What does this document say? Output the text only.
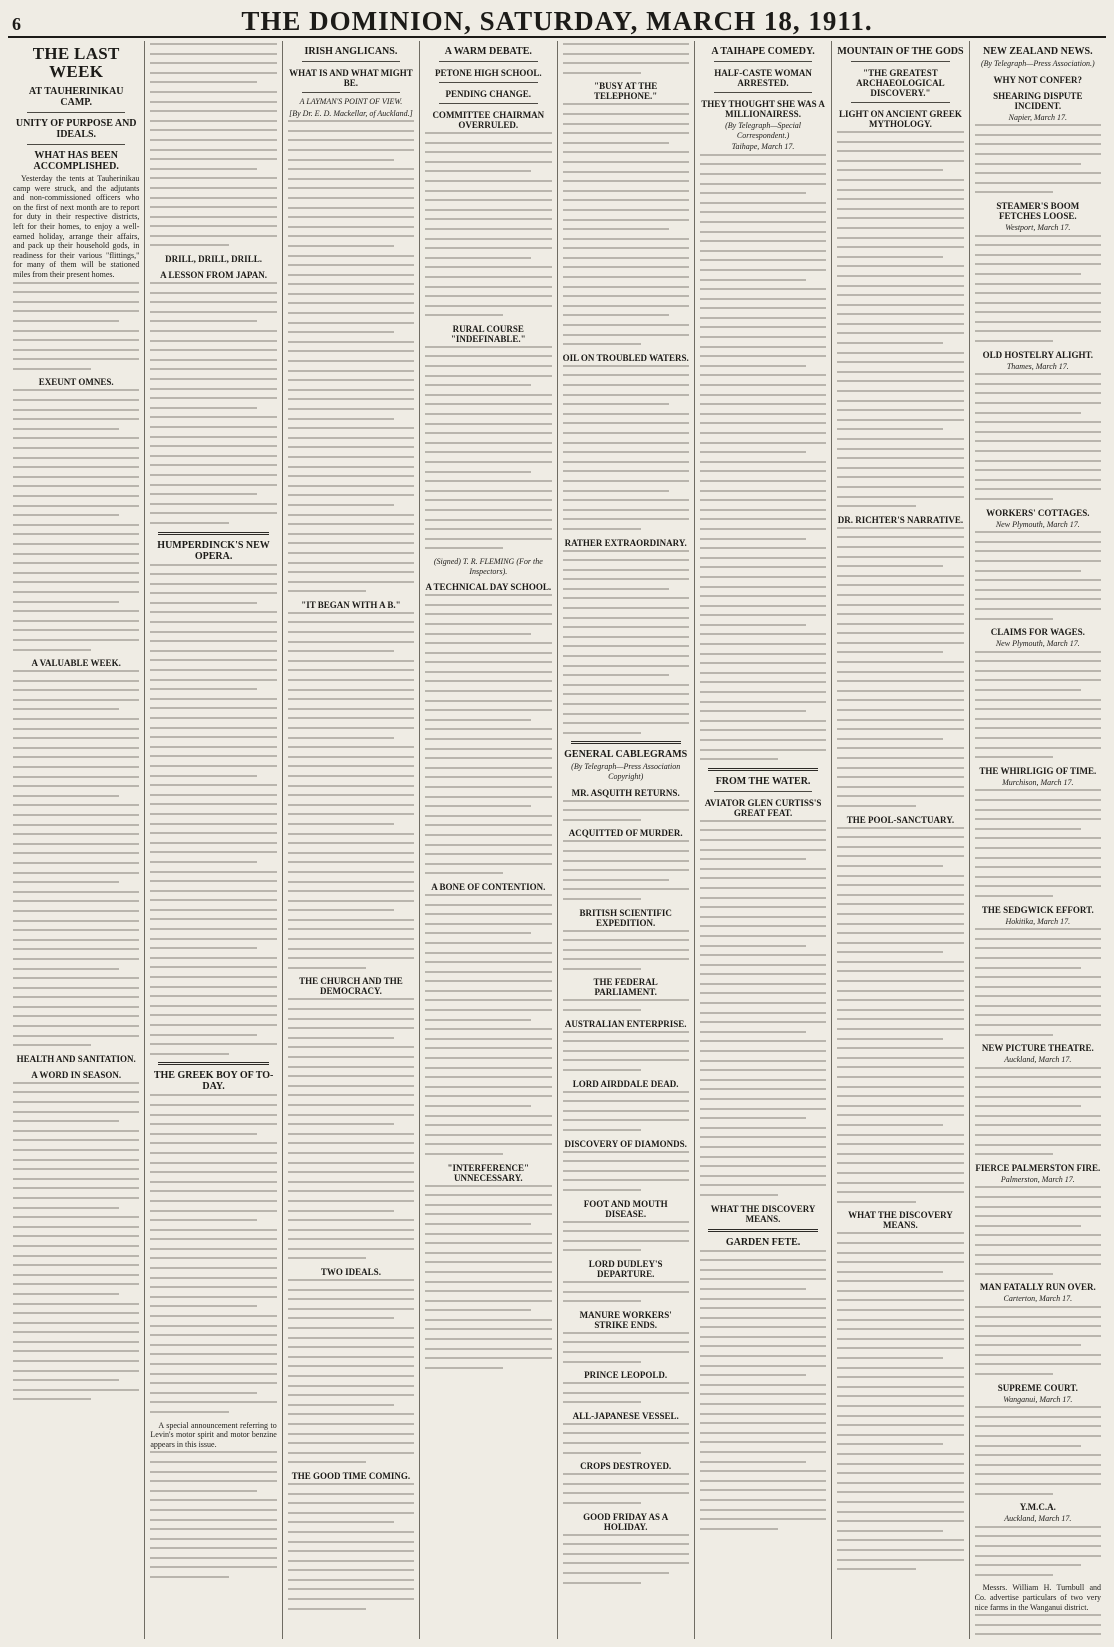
6	THE DOMINION, SATURDAY, MARCH 18, 1911.
THE LAST WEEK
AT TAUHERINIKAU CAMP.
UNITY OF PURPOSE AND IDEALS.
WHAT HAS BEEN ACCOMPLISHED.

Yesterday the tents at Tauherinikau camp were struck, and the adjutants and non-commissioned officers who on the first of next month are to report for duty in their respective districts, left for their homes, to enjoy a well-earned holiday, arrange their affairs, and pack up their household gods, in readiness for their various "flittings," for many of them will be stationed miles from their present homes.

EXEUNT OMNES.
A VALUABLE WEEK.
HEALTH AND SANITATION.
A WORD IN SEASON.
DRILL, DRILL, DRILL.
A LESSON FROM JAPAN.
HUMPERDINCK'S NEW OPERA.
THE GREEK BOY OF TO-DAY.

A special announcement referring to Levin's motor spirit and motor benzine appears in this issue.

IRISH ANGLICANS.
WHAT IS AND WHAT MIGHT BE.
A LAYMAN'S POINT OF VIEW.
[By Dr. E. D. Mackellar, of Auckland.]
"IT BEGAN WITH A B."
THE CHURCH AND THE DEMOCRACY.
TWO IDEALS.
THE GOOD TIME COMING.
A WARM DEBATE.
PETONE HIGH SCHOOL.
PENDING CHANGE.
COMMITTEE CHAIRMAN OVERRULED.
RURAL COURSE "INDEFINABLE."
(Signed) T. R. FLEMING (For the Inspectors).
A TECHNICAL DAY SCHOOL.
A BONE OF CONTENTION.
"INTERFERENCE" UNNECESSARY.
"BUSY AT THE TELEPHONE."
OIL ON TROUBLED WATERS.
RATHER EXTRAORDINARY.
GENERAL CABLEGRAMS
(By Telegraph—Press Association Copyright)
MR. ASQUITH RETURNS.
ACQUITTED OF MURDER.
BRITISH SCIENTIFIC EXPEDITION.
THE FEDERAL PARLIAMENT.
AUSTRALIAN ENTERPRISE.
LORD AIRDDALE DEAD.
DISCOVERY OF DIAMONDS.
FOOT AND MOUTH DISEASE.
LORD DUDLEY'S DEPARTURE.
MANURE WORKERS' STRIKE ENDS.
PRINCE LEOPOLD.
ALL-JAPANESE VESSEL.
CROPS DESTROYED.
GOOD FRIDAY AS A HOLIDAY.
A TAIHAPE COMEDY.
HALF-CASTE WOMAN ARRESTED.
THEY THOUGHT SHE WAS A MILLIONAIRESS.
(By Telegraph—Special Correspondent.)
Taihape, March 17.
FROM THE WATER.
AVIATOR GLEN CURTISS'S GREAT FEAT.
WHAT THE DISCOVERY MEANS.
GARDEN FETE.
MOUNTAIN OF THE GODS
"THE GREATEST ARCHAEOLOGICAL DISCOVERY."
LIGHT ON ANCIENT GREEK MYTHOLOGY.
DR. RICHTER'S NARRATIVE.
THE POOL-SANCTUARY.
WHAT THE DISCOVERY MEANS.
NEW ZEALAND NEWS.
(By Telegraph—Press Association.)
WHY NOT CONFER?
SHEARING DISPUTE INCIDENT.
Napier, March 17.
STEAMER'S BOOM FETCHES LOOSE.
Westport, March 17.
OLD HOSTELRY ALIGHT.
Thames, March 17.
WORKERS' COTTAGES.
New Plymouth, March 17.
CLAIMS FOR WAGES.
New Plymouth, March 17.
THE WHIRLIGIG OF TIME.
Murchison, March 17.
THE SEDGWICK EFFORT.
Hokitika, March 17.
NEW PICTURE THEATRE.
Auckland, March 17.
FIERCE PALMERSTON FIRE.
Palmerston, March 17.
MAN FATALLY RUN OVER.
Carterton, March 17.
SUPREME COURT.
Wanganui, March 17.
Y.M.C.A.
Auckland, March 17.

Messrs. William H. Turnbull and Co. advertise particulars of two very nice farms in the Wanganui district.
